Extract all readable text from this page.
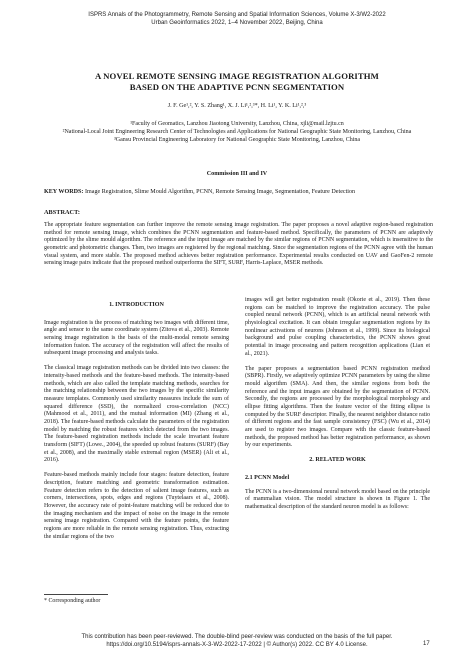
ISPRS Annals of the Photogrammetry, Remote Sensing and Spatial Information Sciences, Volume X-3/W2-2022
Urban Geoinformatics 2022, 1–4 November 2022, Beijing, China
A NOVEL REMOTE SENSING IMAGE REGISTRATION ALGORITHM
BASED ON THE ADAPTIVE PCNN SEGMENTATION
J. F. Ge¹,², Y. S. Zhang¹, X. J. Li¹,²,³*, H. Li¹, Y. K. Li¹,²,³

¹Faculty of Geomatics, Lanzhou Jiaotong University, Lanzhou, China, xjli@mail.lzjtu.cn

²National-Local Joint Engineering Research Center of Technologies and Applications for National Geographic State Monitoring, Lanzhou, China

³Gansu Provincial Engineering Laboratory for National Geographic State Monitoring, Lanzhou, China

Commission III and IV
KEY WORDS: Image Registration, Slime Mould Algorithm, PCNN, Remote Sensing Image, Segmentation, Feature Detection
ABSTRACT:

The appropriate feature segmentation can further improve the remote sensing image registration. The paper proposes a novel adaptive region-based registration method for remote sensing image, which combines the PCNN segmentation and feature-based method. Specifically, the parameters of PCNN are adaptively optimized by the slime mould algorithm. The reference and the input image are matched by the similar regions of PCNN segmentation, which is insensitive to the geometric and photometric changes. Then, two images are registered by the regional matching. Since the segmentation regions of the PCNN agree with the human visual system, and more stable. The proposed method achieves better registration performance. Experimental results conducted on UAV and GaoFen-2 remote sensing image pairs indicate that the proposed method outperforms the SIFT, SURF, Harris-Laplace, MSER methods.

1. INTRODUCTION

Image registration is the process of matching two images with different time, angle and sensor to the same coordinate system (Zitova et al., 2003). Remote sensing image registration is the basis of the multi-modal remote sensing information fusion. The accuracy of the registration will affect the results of subsequent image processing and analysis tasks.

The classical image registration methods can be divided into two classes: the intensity-based methods and the feature-based methods. The intensity-based methods, which are also called the template matching methods, searches for the matching relationship between the two images by the specific similarity measure templates. Commonly used similarity measures include the sum of squared difference (SSD), the normalized cross-correlation (NCC) (Mahmood et al., 2011), and the mutual information (MI) (Zhang et al., 2018). The feature-based methods calculate the parameters of the registration model by matching the robust features which detected from the two images. The feature-based registration methods include the scale invariant feature transform (SIFT) (Lowe., 2004), the speeded up robust features (SURF) (Bay et al., 2008), and the maximally stable extremal region (MSER) (Ali et al., 2016).

Feature-based methods mainly include four stages: feature detection, feature description, feature matching and geometric transformation estimation. Feature detection refers to the detection of salient image features, such as corners, intersections, spots, edges and regions (Tuytelaars et al., 2008). However, the accuracy rate of point-feature matching will be reduced due to the imaging mechanism and the impact of noise on the image in the remote sensing image registration. Compared with the feature points, the feature regions are more reliable in the remote sensing registration. Thus, extracting the similar regions of the two

images will get better registration result (Okorie et al., 2019). Then these regions can be matched to improve the registration accuracy. The pulse coupled neural network (PCNN), which is an artificial neural network with physiological excitation. It can obtain irregular segmentation regions by its nonlinear activations of neurons (Johnson et al., 1999). Since its biological background and pulse coupling characteristics, the PCNN shows great potential in image processing and pattern recognition applications (Lian et al., 2021).

The paper proposes a segmentation based PCNN registration method (SBPR). Firstly, we adaptively optimize PCNN parameters by using the slime mould algorithm (SMA). And then, the similar regions from both the reference and the input images are obtained by the segmentation of PCNN. Secondly, the regions are processed by the morphological morphology and ellipse fitting algorithms. Then the feature vector of the fitting ellipse is computed by the SURF descriptor. Finally, the nearest neighbor distance ratio of different regions and the fast sample consistency (FSC) (Wu et al., 2014) are used to register two images. Compare with the classic feature-based methods, the proposed method has better registration performance, as shown by our experiments.

2. RELATED WORK
2.1 PCNN Model

The PCNN is a two-dimensional neural network model based on the principle of mammalian vision. The model structure is shown in Figure 1. The mathematical description of the standard neuron model is as follows:

* Corresponding author
This contribution has been peer-reviewed. The double-blind peer-review was conducted on the basis of the full paper.
https://doi.org/10.5194/isprs-annals-X-3-W2-2022-17-2022 | © Author(s) 2022. CC BY 4.0 License.	17
